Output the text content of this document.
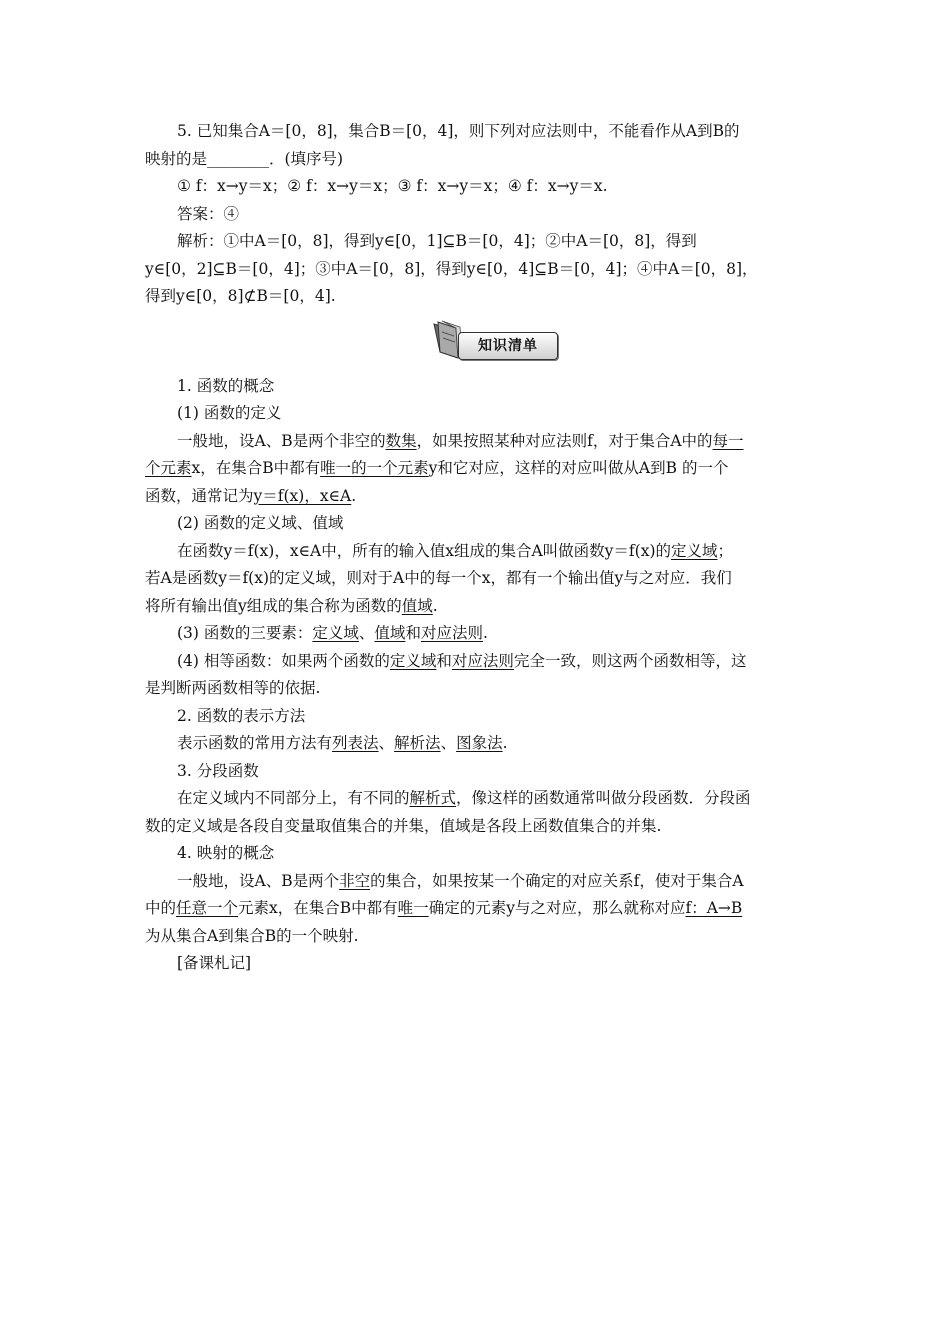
5. 已知集合A＝[0，8]，集合B＝[0，4]，则下列对应法则中，不能看作从A到B的
映射的是________．(填序号)
① f：x→y＝x；② f：x→y＝x；③ f：x→y＝x；④ f：x→y＝x.
答案：④
解析：①中A＝[0，8]，得到y∈[0，1]⊆B＝[0，4]；②中A＝[0，8]，得到
y∈[0，2]⊆B＝[0，4]；③中A＝[0，8]，得到y∈[0，4]⊆B＝[0，4]；④中A＝[0，8]，
得到y∈[0，8]⊄B＝[0，4].
知识清单
1. 函数的概念
(1) 函数的定义
一般地，设A、B是两个非空的数集，如果按照某种对应法则f，对于集合A中的每一
个元素x，在集合B中都有唯一的一个元素y和它对应，这样的对应叫做从A到B 的一个
函数，通常记为y＝f(x)，x∈A.
(2) 函数的定义域、值域
在函数y＝f(x)，x∈A中，所有的输入值x组成的集合A叫做函数y＝f(x)的定义域；
若A是函数y＝f(x)的定义域，则对于A中的每一个x，都有一个输出值y与之对应．我们
将所有输出值y组成的集合称为函数的值域.
(3) 函数的三要素：定义域、值域和对应法则.
(4) 相等函数：如果两个函数的定义域和对应法则完全一致，则这两个函数相等，这
是判断两函数相等的依据.
2. 函数的表示方法
表示函数的常用方法有列表法、解析法、图象法.
3. 分段函数
在定义域内不同部分上，有不同的解析式，像这样的函数通常叫做分段函数．分段函
数的定义域是各段自变量取值集合的并集，值域是各段上函数值集合的并集.
4. 映射的概念
一般地，设A、B是两个非空的集合，如果按某一个确定的对应关系f，使对于集合A
中的任意一个元素x，在集合B中都有唯一确定的元素y与之对应，那么就称对应f：A→B
为从集合A到集合B的一个映射.
[备课札记]
